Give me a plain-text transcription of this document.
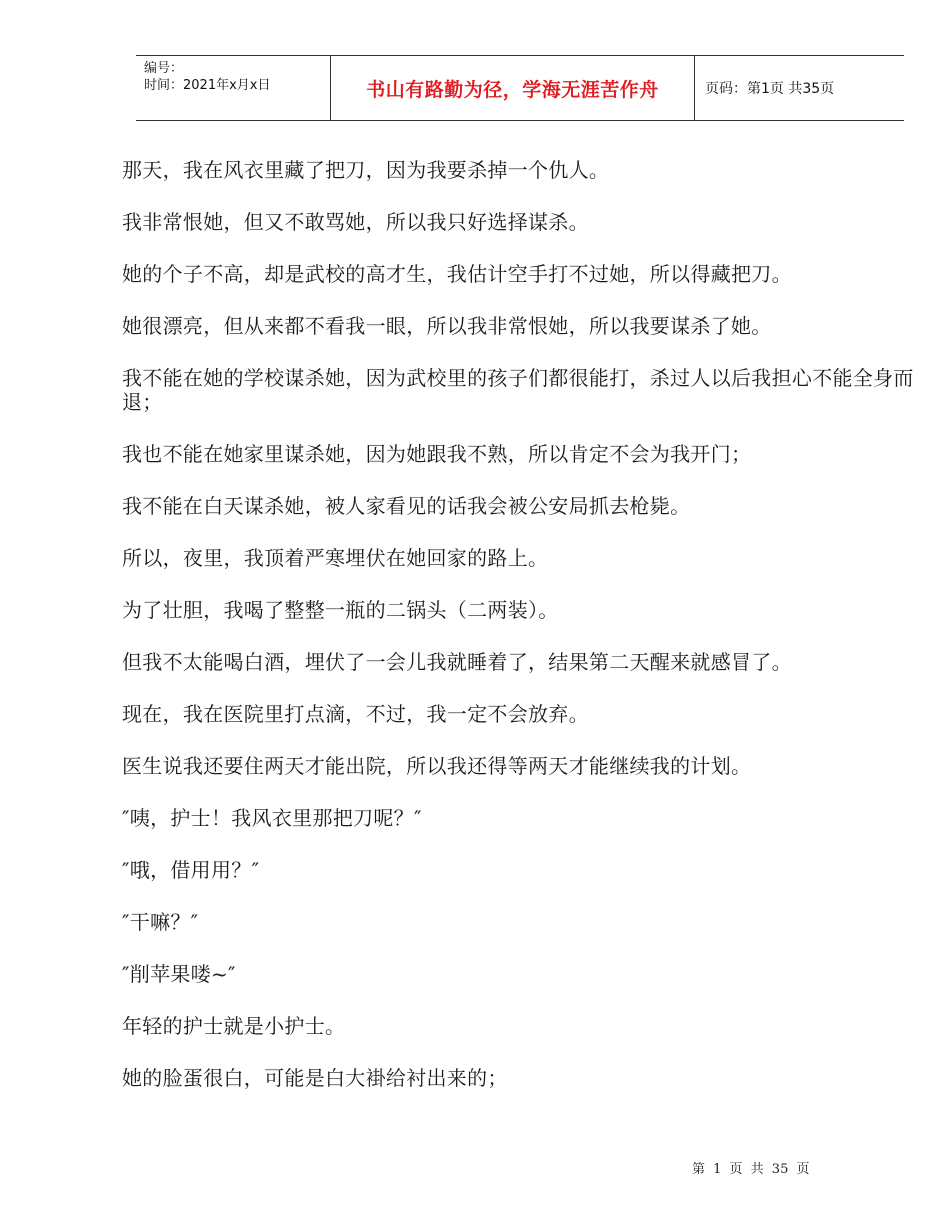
编号：
时间：2021年x月x日	书山有路勤为径，学海无涯苦作舟	页码：第1页 共35页

那天，我在风衣里藏了把刀，因为我要杀掉一个仇人。

我非常恨她，但又不敢骂她，所以我只好选择谋杀。

她的个子不高，却是武校的高才生，我估计空手打不过她，所以得藏把刀。

她很漂亮，但从来都不看我一眼，所以我非常恨她，所以我要谋杀了她。

我不能在她的学校谋杀她，因为武校里的孩子们都很能打，杀过人以后我担心不能全身而退；

我也不能在她家里谋杀她，因为她跟我不熟，所以肯定不会为我开门；

我不能在白天谋杀她，被人家看见的话我会被公安局抓去枪毙。

所以，夜里，我顶着严寒埋伏在她回家的路上。

为了壮胆，我喝了整整一瓶的二锅头（二两装）。

但我不太能喝白酒，埋伏了一会儿我就睡着了，结果第二天醒来就感冒了。

现在，我在医院里打点滴，不过，我一定不会放弃。

医生说我还要住两天才能出院，所以我还得等两天才能继续我的计划。

″咦，护士！我风衣里那把刀呢？″

″哦，借用用？″

″干嘛？″

″削苹果喽~″

年轻的护士就是小护士。

她的脸蛋很白，可能是白大褂给衬出来的；

第 1 页 共 35 页
